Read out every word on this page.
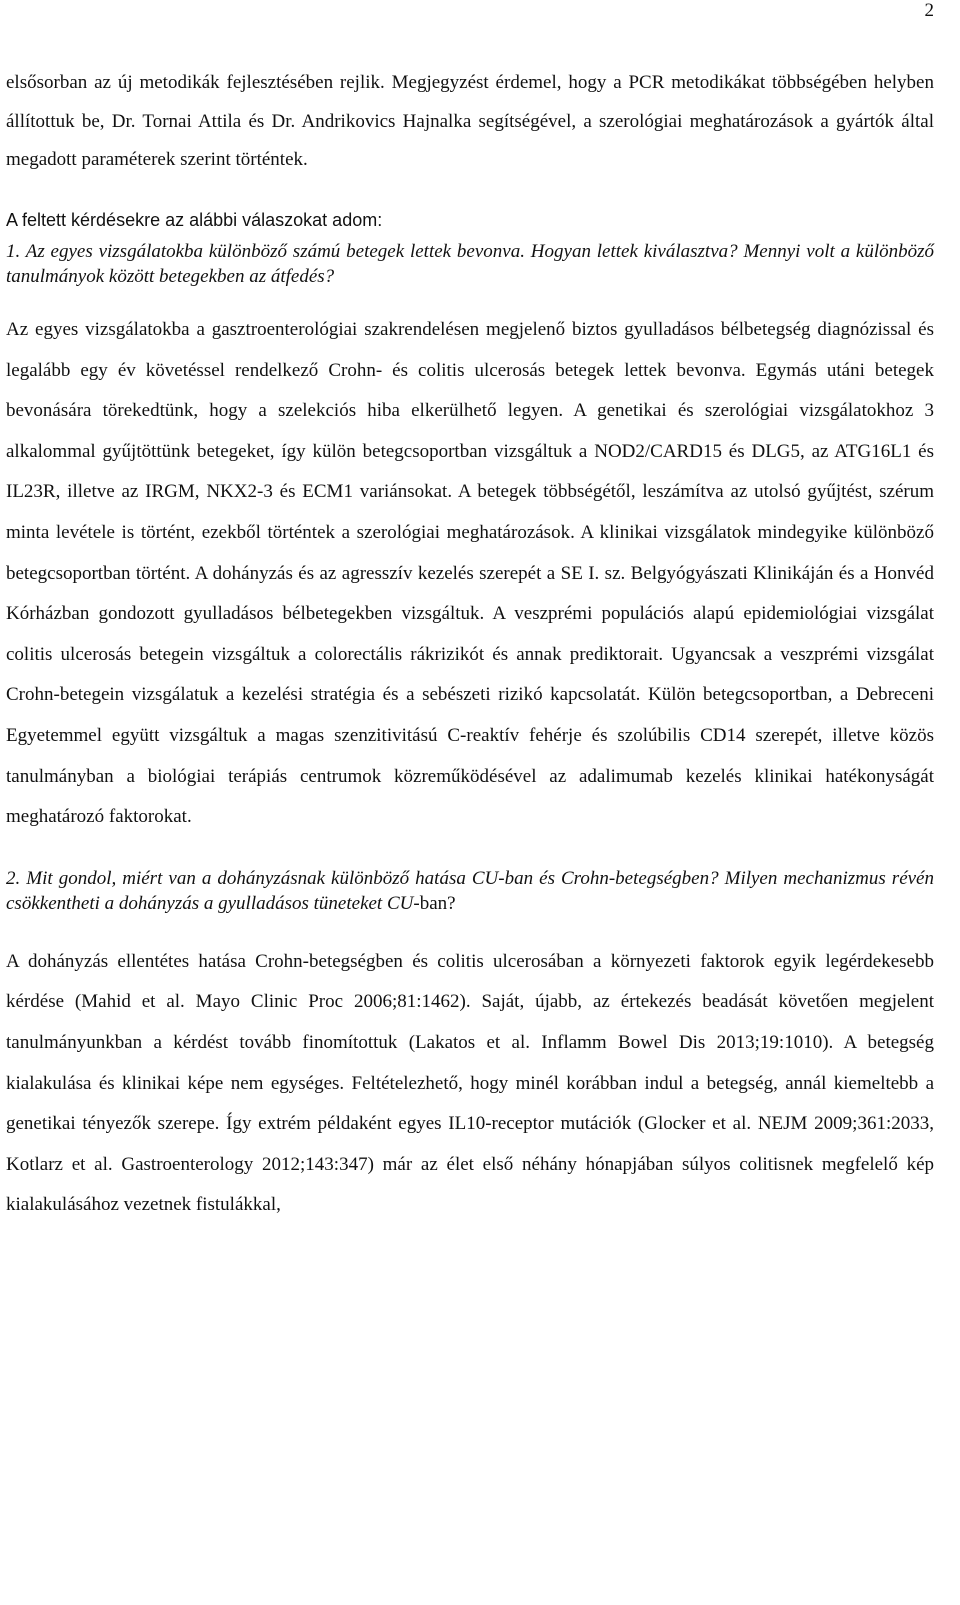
2

elsősorban az új metodikák fejlesztésében rejlik. Megjegyzést érdemel, hogy a PCR metodikákat többségében helyben állítottuk be, Dr. Tornai Attila és Dr. Andrikovics Hajnalka segítségével, a szerológiai meghatározások a gyártók által megadott paraméterek szerint történtek.

A feltett kérdésekre az alábbi válaszokat adom:

1. Az egyes vizsgálatokba különböző számú betegek lettek bevonva. Hogyan lettek kiválasztva? Mennyi volt a különböző tanulmányok között betegekben az átfedés?

Az egyes vizsgálatokba a gasztroenterológiai szakrendelésen megjelenő biztos gyulladásos bélbetegség diagnózissal és legalább egy év követéssel rendelkező Crohn- és colitis ulcerosás betegek lettek bevonva. Egymás utáni betegek bevonására törekedtünk, hogy a szelekciós hiba elkerülhető legyen. A genetikai és szerológiai vizsgálatokhoz 3 alkalommal gyűjtöttünk betegeket, így külön betegcsoportban vizsgáltuk a NOD2/CARD15 és DLG5, az ATG16L1 és IL23R, illetve az IRGM, NKX2-3 és ECM1 variánsokat. A betegek többségétől, leszámítva az utolsó gyűjtést, szérum minta levétele is történt, ezekből történtek a szerológiai meghatározások. A klinikai vizsgálatok mindegyike különböző betegcsoportban történt. A dohányzás és az agresszív kezelés szerepét a SE I. sz. Belgyógyászati Klinikáján és a Honvéd Kórházban gondozott gyulladásos bélbetegekben vizsgáltuk. A veszprémi populációs alapú epidemiológiai vizsgálat colitis ulcerosás betegein vizsgáltuk a colorectális rákrizikót és annak prediktorait. Ugyancsak a veszprémi vizsgálat Crohn-betegein vizsgálatuk a kezelési stratégia és a sebészeti rizikó kapcsolatát. Külön betegcsoportban, a Debreceni Egyetemmel együtt vizsgáltuk a magas szenzitivitású C-reaktív fehérje és szolúbilis CD14 szerepét, illetve közös tanulmányban a biológiai terápiás centrumok közreműködésével az adalimumab kezelés klinikai hatékonyságát meghatározó faktorokat.

2. Mit gondol, miért van a dohányzásnak különböző hatása CU-ban és Crohn-betegségben? Milyen mechanizmus révén csökkentheti a dohányzás a gyulladásos tüneteket CU-ban?

A dohányzás ellentétes hatása Crohn-betegségben és colitis ulcerosában a környezeti faktorok egyik legérdekesebb kérdése (Mahid et al. Mayo Clinic Proc 2006;81:1462). Saját, újabb, az értekezés beadását követően megjelent tanulmányunkban a kérdést tovább finomítottuk (Lakatos et al. Inflamm Bowel Dis 2013;19:1010). A betegség kialakulása és klinikai képe nem egységes. Feltételezhető, hogy minél korábban indul a betegség, annál kiemeltebb a genetikai tényezők szerepe. Így extrém példaként egyes IL10-receptor mutációk (Glocker et al. NEJM 2009;361:2033, Kotlarz et al. Gastroenterology 2012;143:347) már az élet első néhány hónapjában súlyos colitisnek megfelelő kép kialakulásához vezetnek fistulákkal,
